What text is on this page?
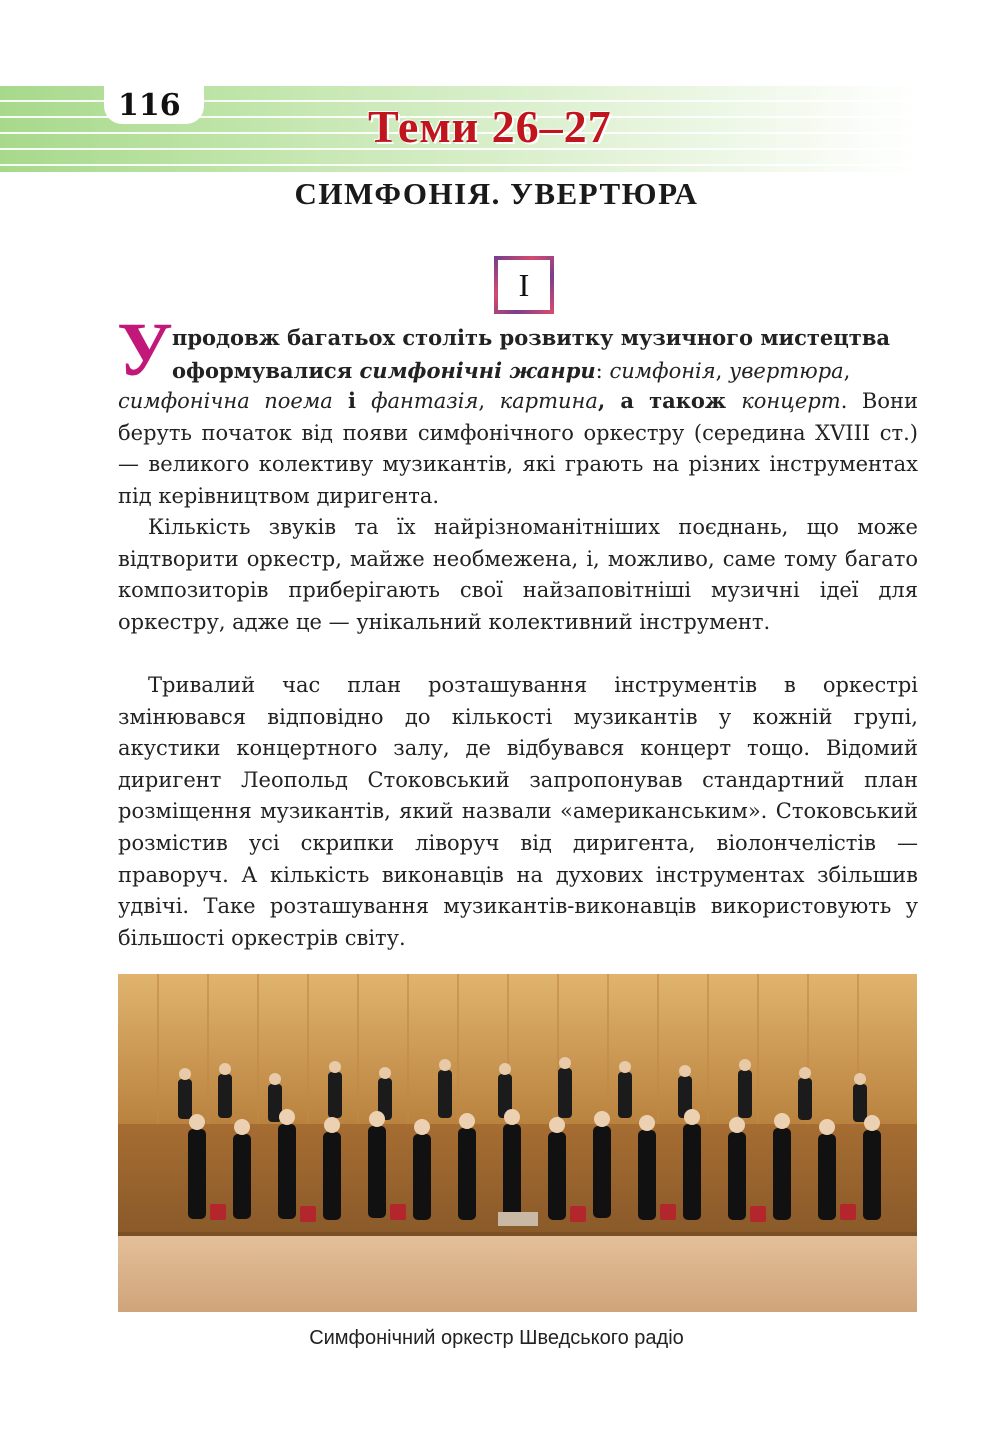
116	Теми 26–27
СИМФОНІЯ. УВЕРТЮРА
I
У продовж багатьох століть розвитку музичного мистецтва
оформувалися симфонічні жанри: симфонія, увертюра,

симфонічна поема і фантазія, картина, а також концерт. Вони беруть початок від появи симфонічного оркестру (середина XVIII ст.) — великого колективу музикантів, які грають на різних інструментах під керівництвом диригента.

Кількість звуків та їх найрізноманітніших поєднань, що може відтворити оркестр, майже необмежена, і, можливо, саме тому багато композиторів приберігають свої найзаповітніші музичні ідеї для оркестру, адже це — унікальний колективний інструмент.

Тривалий час план розташування інструментів в оркестрі змінювався відповідно до кількості музикантів у кожній групі, акустики концертного залу, де відбувався концерт тощо. Відомий диригент Леопольд Стоковський запропонував стандартний план розміщення музикантів, який назвали «американським». Стоковський розмістив усі скрипки ліворуч від диригента, віолончелістів — праворуч. А кількість виконавців на духових інструментах збільшив удвічі. Таке розташування музикантів-виконавців використовують у більшості оркестрів світу.

Симфонічний оркестр Шведського радіо
